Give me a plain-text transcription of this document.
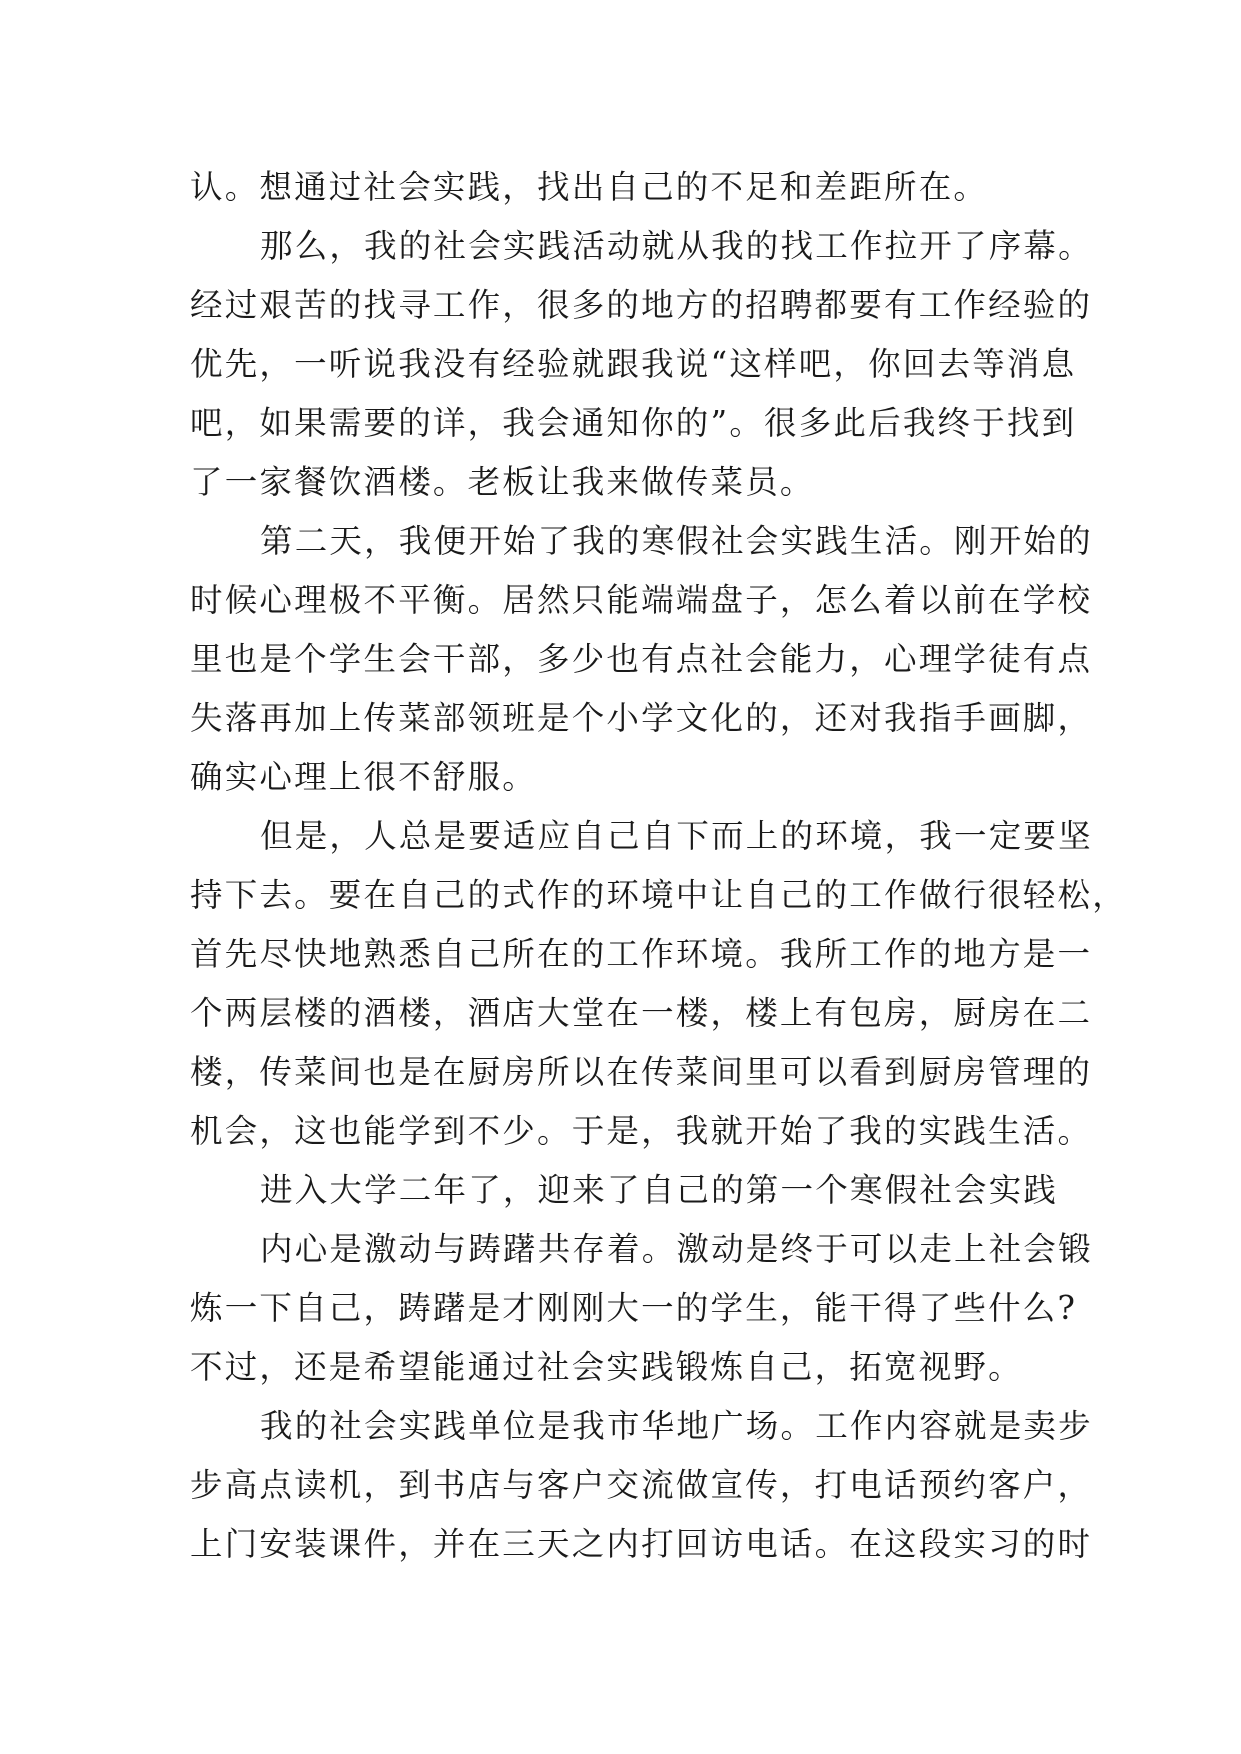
认。想通过社会实践，找出自己的不足和差距所在。
那么，我的社会实践活动就从我的找工作拉开了序幕。
经过艰苦的找寻工作，很多的地方的招聘都要有工作经验的
优先，一听说我没有经验就跟我说“这样吧，你回去等消息
吧，如果需要的详，我会通知你的”。很多此后我终于找到
了一家餐饮酒楼。老板让我来做传菜员。
第二天，我便开始了我的寒假社会实践生活。刚开始的
时候心理极不平衡。居然只能端端盘子，怎么着以前在学校
里也是个学生会干部，多少也有点社会能力，心理学徒有点
失落再加上传菜部领班是个小学文化的，还对我指手画脚，
确实心理上很不舒服。
但是，人总是要适应自己自下而上的环境，我一定要坚
持下去。要在自己的式作的环境中让自己的工作做行很轻松，
首先尽快地熟悉自己所在的工作环境。我所工作的地方是一
个两层楼的酒楼，酒店大堂在一楼，楼上有包房，厨房在二
楼，传菜间也是在厨房所以在传菜间里可以看到厨房管理的
机会，这也能学到不少。于是，我就开始了我的实践生活。
进入大学二年了，迎来了自己的第一个寒假社会实践
内心是激动与踌躇共存着。激动是终于可以走上社会锻
炼一下自己，踌躇是才刚刚大一的学生，能干得了些什么?
不过，还是希望能通过社会实践锻炼自己，拓宽视野。
我的社会实践单位是我市华地广场。工作内容就是卖步
步高点读机，到书店与客户交流做宣传，打电话预约客户，
上门安装课件，并在三天之内打回访电话。在这段实习的时
